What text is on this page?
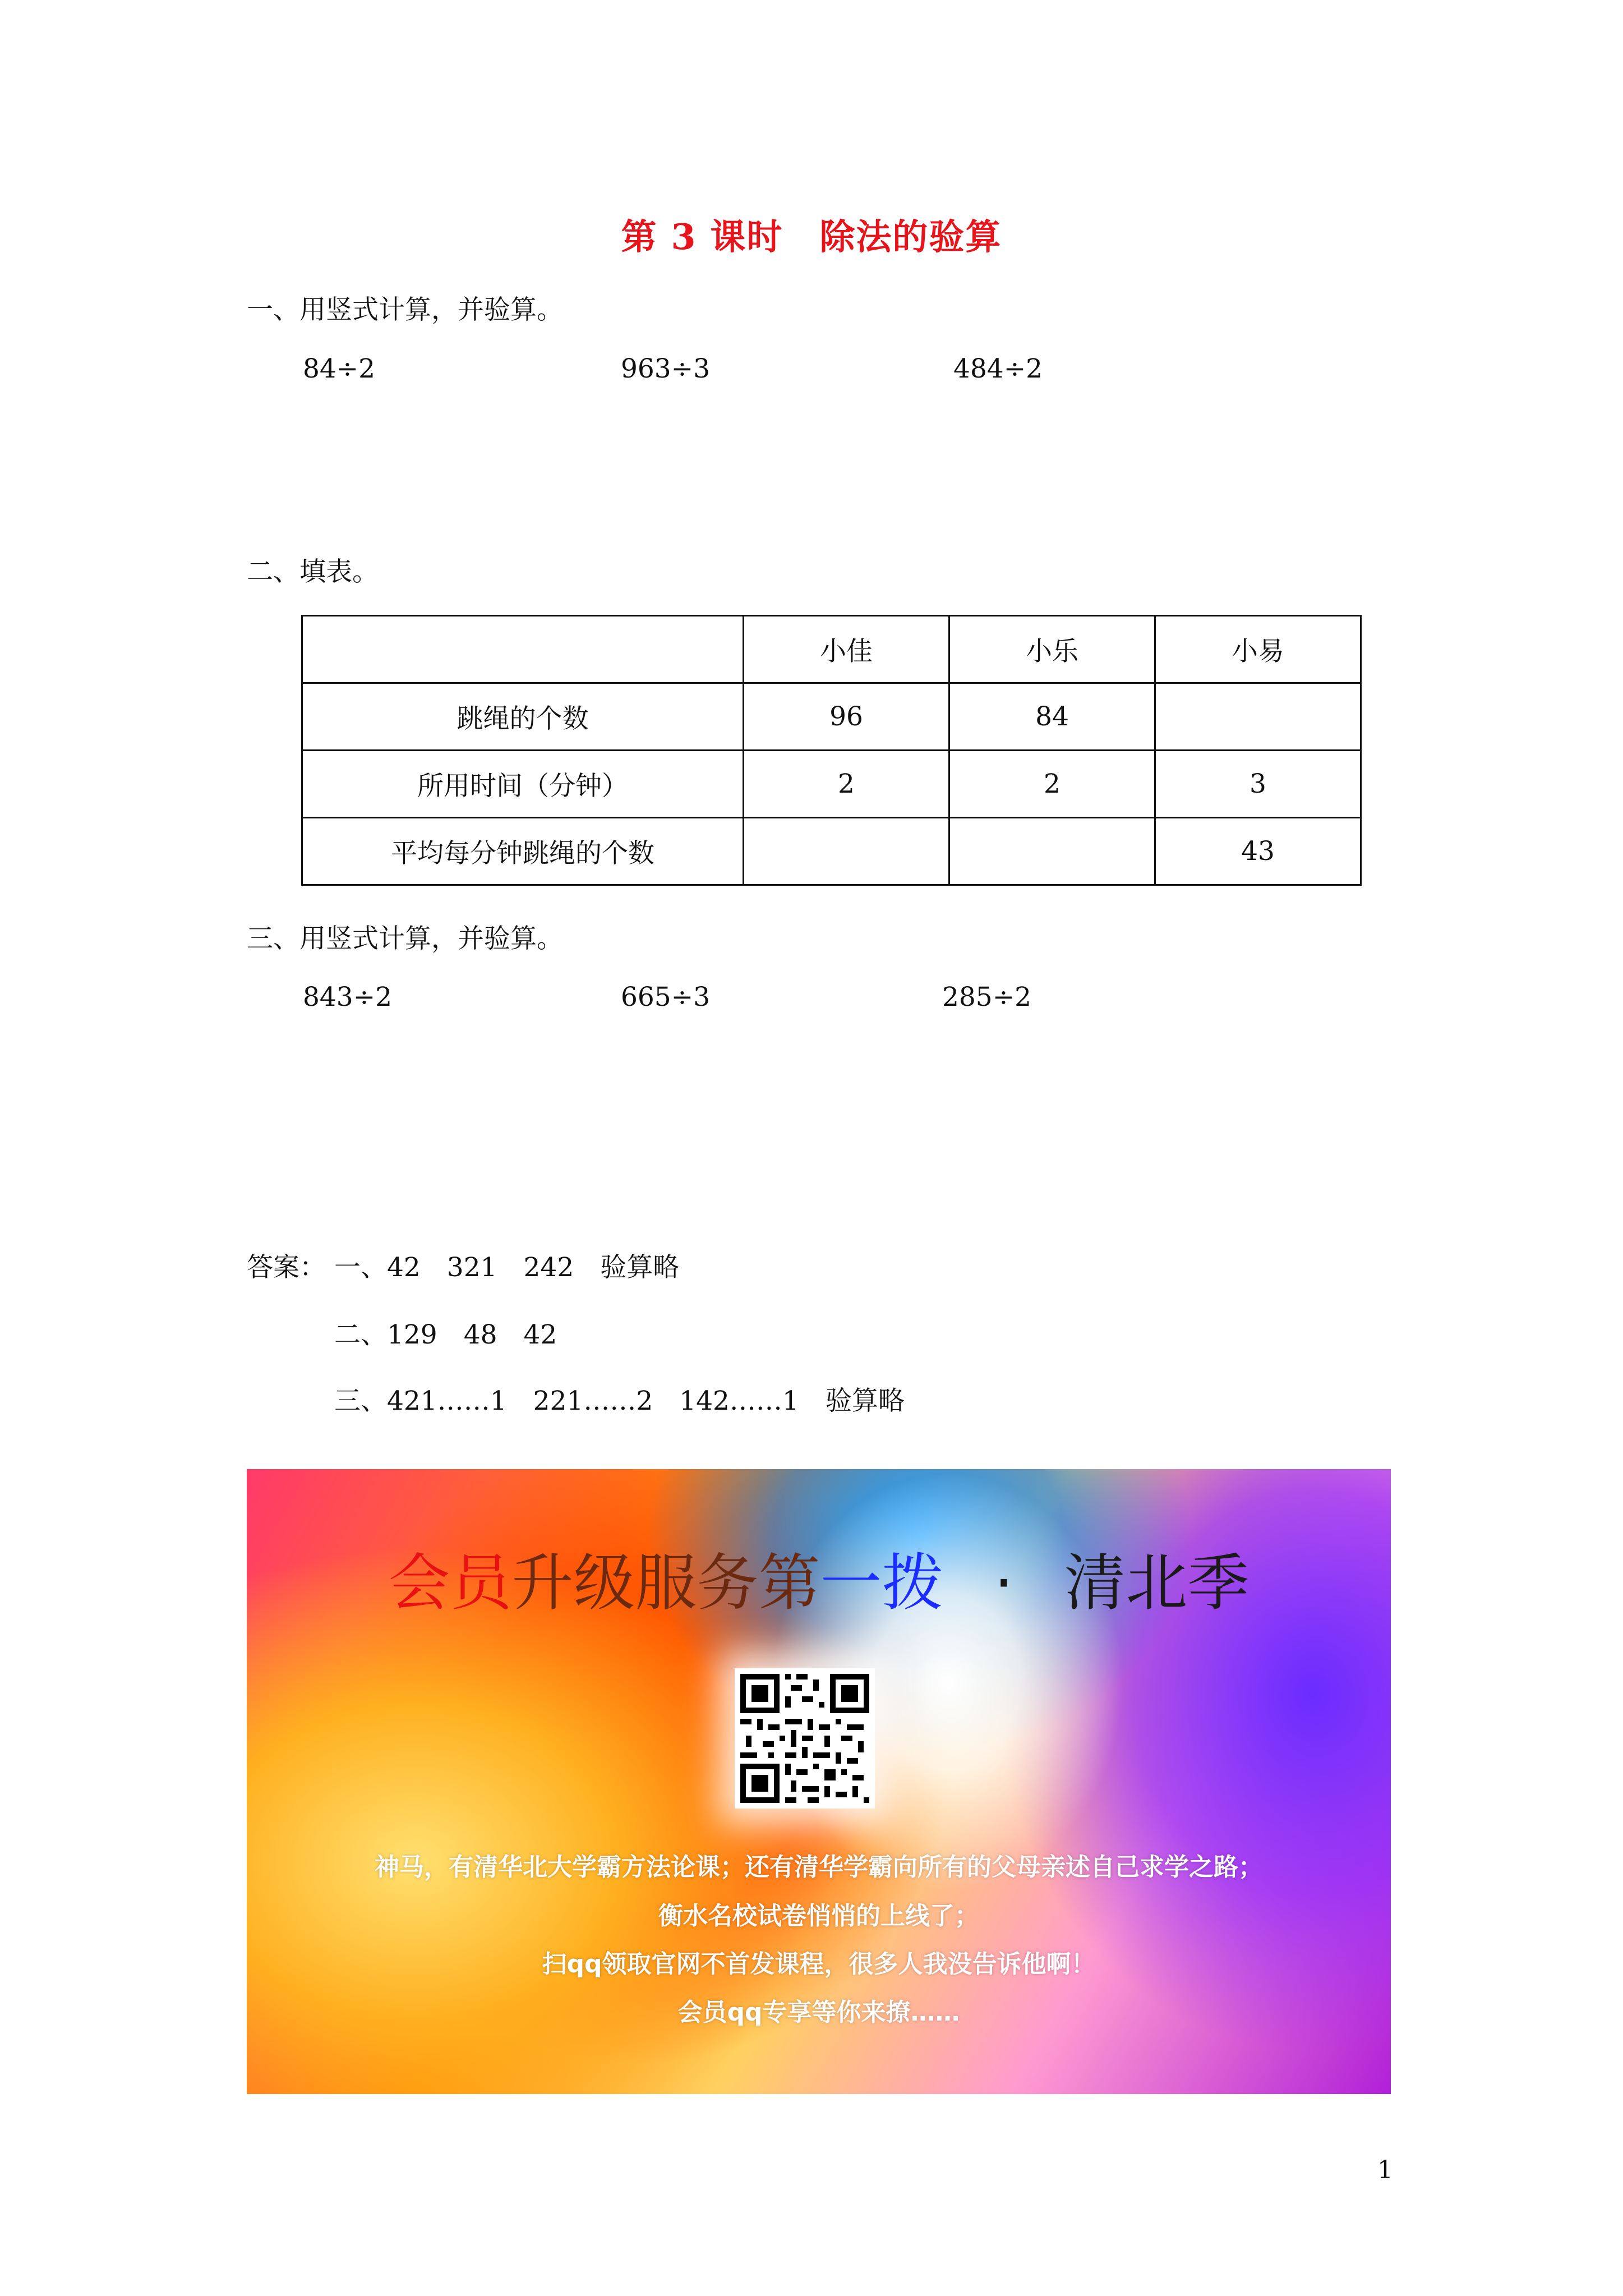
第 3 课时　除法的验算
一、用竖式计算，并验算。
84÷2	963÷3	484÷2
二、填表。
	小佳	小乐	小易
跳绳的个数	96	84	
所用时间（分钟）	2	2	3
平均每分钟跳绳的个数			43
三、用竖式计算，并验算。
843÷2	665÷3	285÷2
答案： 一、42　321　242　验算略
二、129　48　42
三、421……1　221……2　142……1　验算略
会员升级服务第一拨 · 清北季
神马，有清华北大学霸方法论课；还有清华学霸向所有的父母亲述自己求学之路；
衡水名校试卷悄悄的上线了；
扫qq领取官网不首发课程，很多人我没告诉他啊！
会员qq专享等你来撩……
1
